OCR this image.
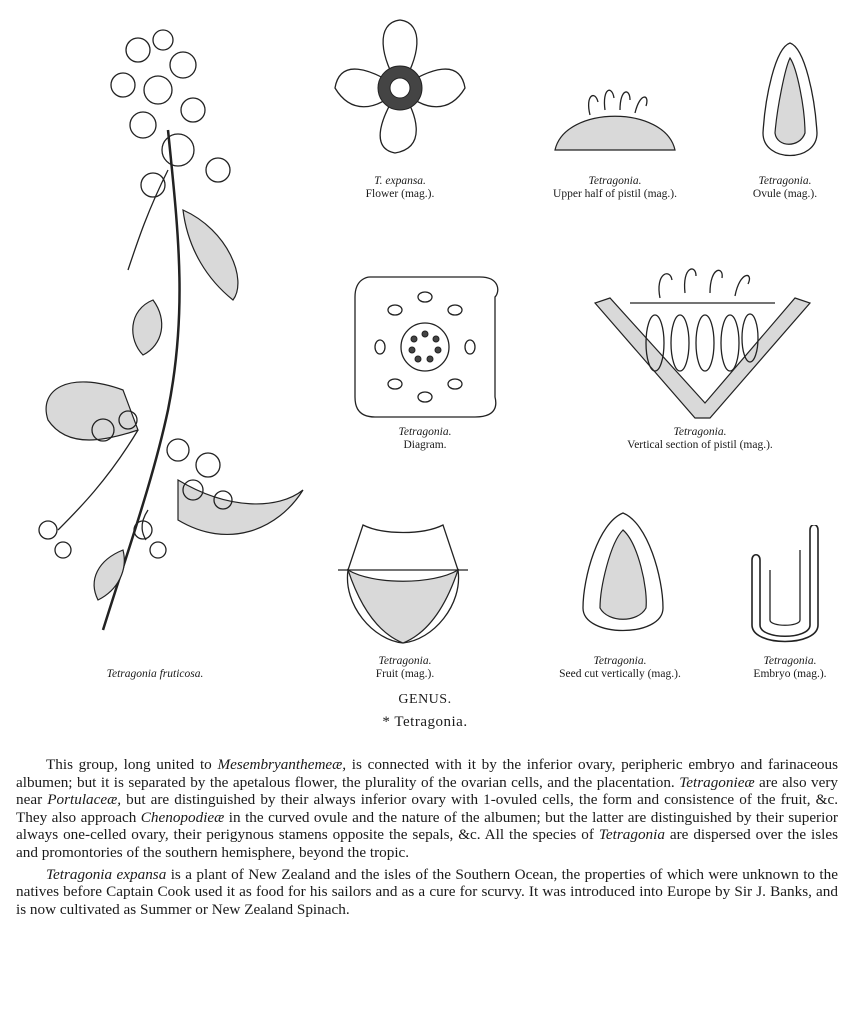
Tetragonia fruticosa.
T. expansa.
Flower (mag.).
Tetragonia.
Upper half of pistil (mag.).
Tetragonia.
Ovule (mag.).
Tetragonia.
Diagram.
Tetragonia.
Vertical section of pistil (mag.).
Tetragonia.
Fruit (mag.).
Tetragonia.
Seed cut vertically (mag.).
Tetragonia.
Embryo (mag.).
GENUS.
* Tetragonia.

This group, long united to Mesembryanthemeæ, is connected with it by the inferior ovary, peripheric embryo and farinaceous albumen; but it is separated by the apetalous flower, the plurality of the ovarian cells, and the placentation. Tetragonieæ are also very near Portulaceæ, but are distinguished by their always inferior ovary with 1-ovuled cells, the form and consistence of the fruit, &c. They also approach Chenopodieæ in the curved ovule and the nature of the albumen; but the latter are distinguished by their superior always one-celled ovary, their perigynous stamens opposite the sepals, &c. All the species of Tetragonia are dispersed over the isles and promontories of the southern hemisphere, beyond the tropic.

Tetragonia expansa is a plant of New Zealand and the isles of the Southern Ocean, the properties of which were unknown to the natives before Captain Cook used it as food for his sailors and as a cure for scurvy. It was introduced into Europe by Sir J. Banks, and is now cultivated as Summer or New Zealand Spinach.
